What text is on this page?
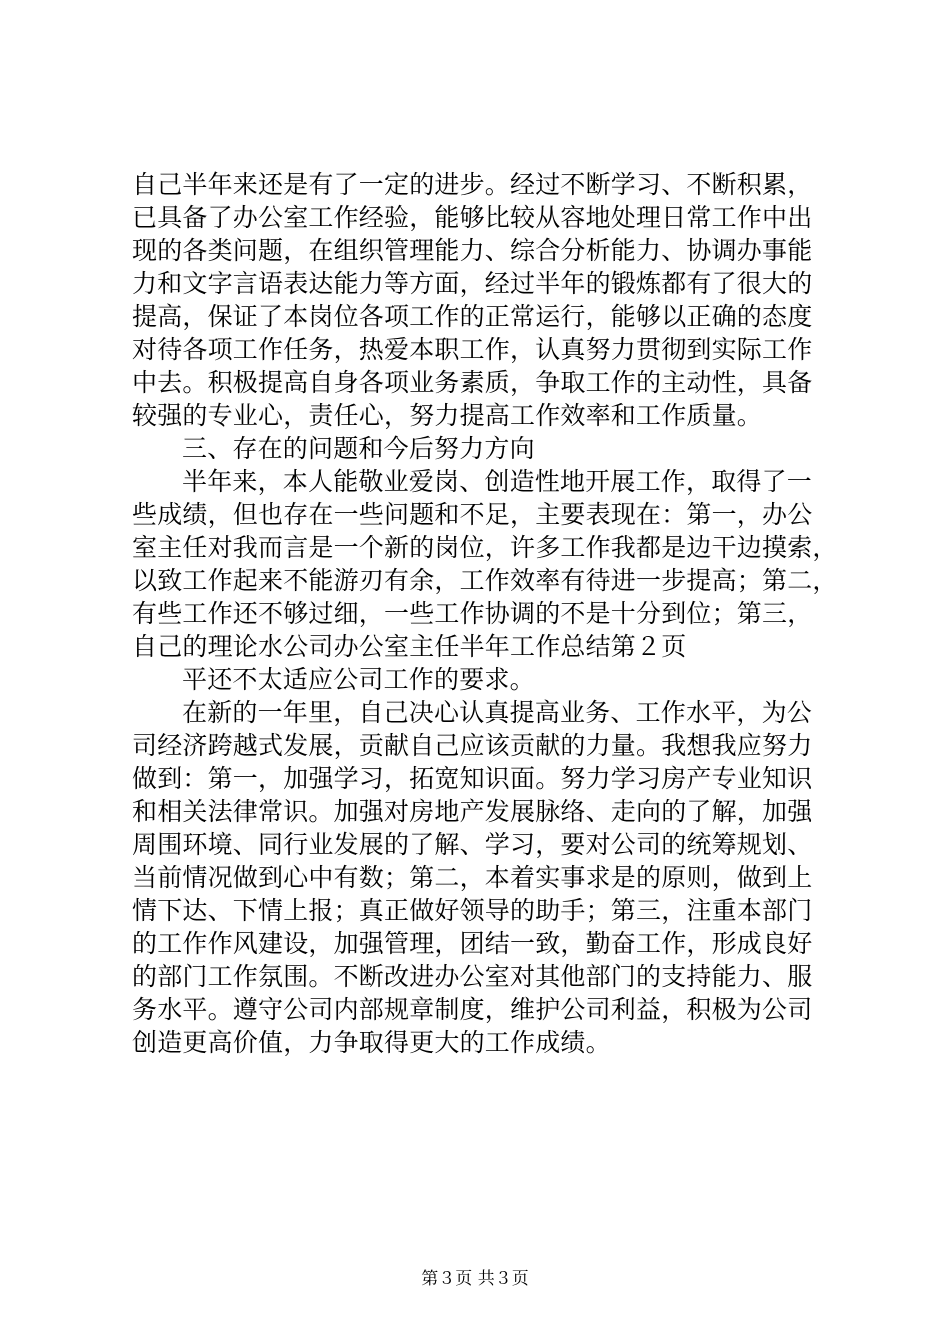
自己半年来还是有了一定的进步。经过不断学习、不断积累，
已具备了办公室工作经验，能够比较从容地处理日常工作中出
现的各类问题，在组织管理能力、综合分析能力、协调办事能
力和文字言语表达能力等方面，经过半年的锻炼都有了很大的
提高，保证了本岗位各项工作的正常运行，能够以正确的态度
对待各项工作任务，热爱本职工作，认真努力贯彻到实际工作
中去。积极提高自身各项业务素质，争取工作的主动性，具备
较强的专业心，责任心，努力提高工作效率和工作质量。
三、存在的问题和今后努力方向
半年来，本人能敬业爱岗、创造性地开展工作，取得了一
些成绩，但也存在一些问题和不足，主要表现在：第一，办公
室主任对我而言是一个新的岗位，许多工作我都是边干边摸索，
以致工作起来不能游刃有余，工作效率有待进一步提高；第二，
有些工作还不够过细，一些工作协调的不是十分到位；第三，
自己的理论水公司办公室主任半年工作总结第２页
平还不太适应公司工作的要求。
在新的一年里，自己决心认真提高业务、工作水平，为公
司经济跨越式发展，贡献自己应该贡献的力量。我想我应努力
做到：第一，加强学习，拓宽知识面。努力学习房产专业知识
和相关法律常识。加强对房地产发展脉络、走向的了解，加强
周围环境、同行业发展的了解、学习，要对公司的统筹规划、
当前情况做到心中有数；第二，本着实事求是的原则，做到上
情下达、下情上报；真正做好领导的助手；第三，注重本部门
的工作作风建设，加强管理，团结一致，勤奋工作，形成良好
的部门工作氛围。不断改进办公室对其他部门的支持能力、服
务水平。遵守公司内部规章制度，维护公司利益，积极为公司
创造更高价值，力争取得更大的工作成绩。
第３页 共３页
